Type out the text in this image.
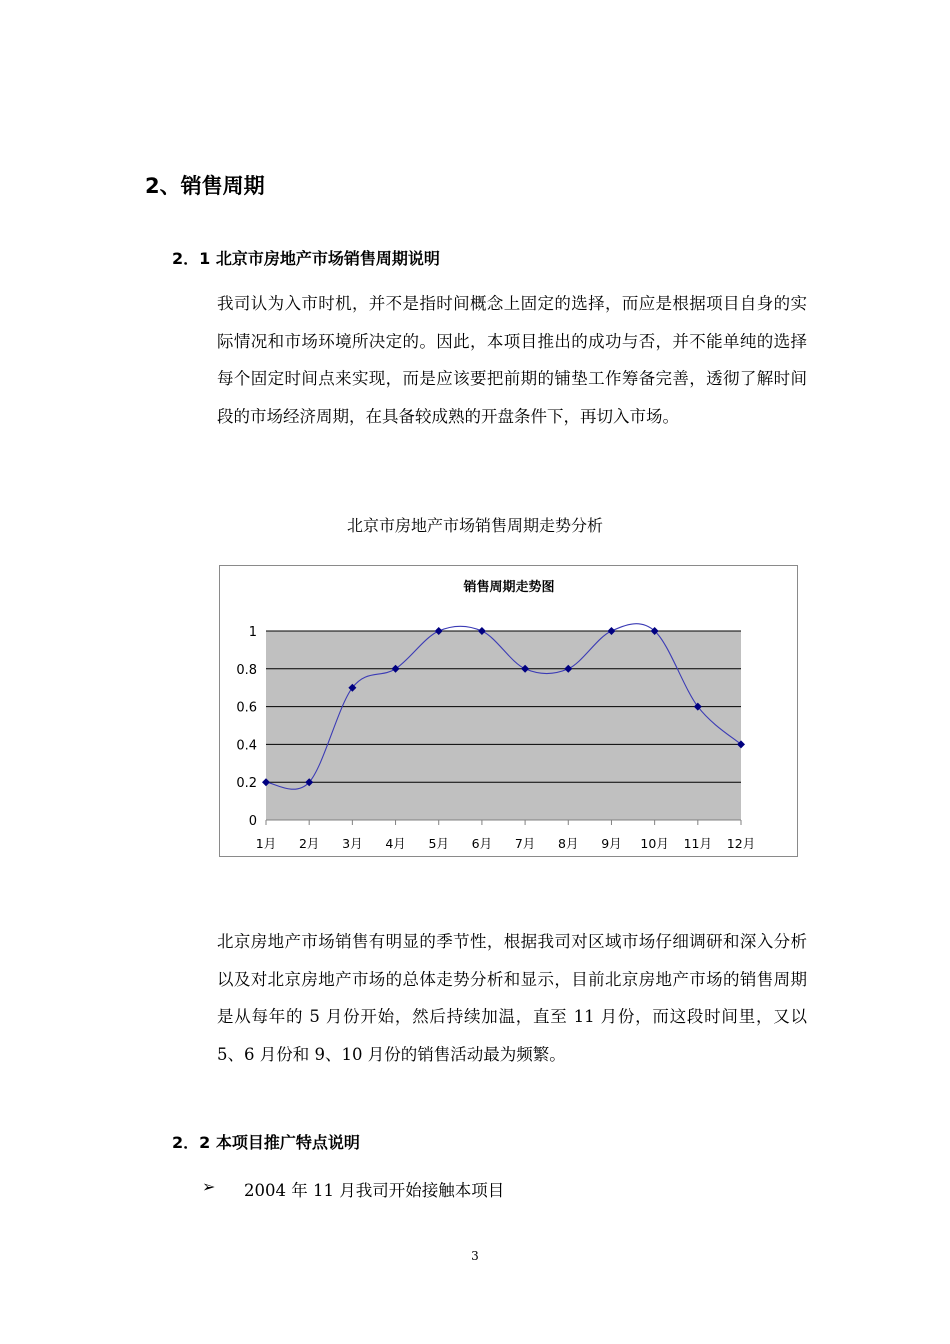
2、销售周期
2．1 北京市房地产市场销售周期说明

我司认为入市时机，并不是指时间概念上固定的选择，而应是根据项目自身的实际情况和市场环境所决定的。因此，本项目推出的成功与否，并不能单纯的选择每个固定时间点来实现，而是应该要把前期的铺垫工作筹备完善，透彻了解时间段的市场经济周期，在具备较成熟的开盘条件下，再切入市场。

北京市房地产市场销售周期走势分析

销售周期走势图
0
0.2
0.4
0.6
0.8
1
1月 2月 3月 4月 5月 6月 7月 8月 9月 10月 11月 12月

北京房地产市场销售有明显的季节性，根据我司对区域市场仔细调研和深入分析以及对北京房地产市场的总体走势分析和显示，目前北京房地产市场的销售周期是从每年的 5 月份开始，然后持续加温，直至 11 月份，而这段时间里，又以 5、6 月份和 9、10 月份的销售活动最为频繁。

2．2 本项目推广特点说明
➢ 2004 年 11 月我司开始接触本项目
3
